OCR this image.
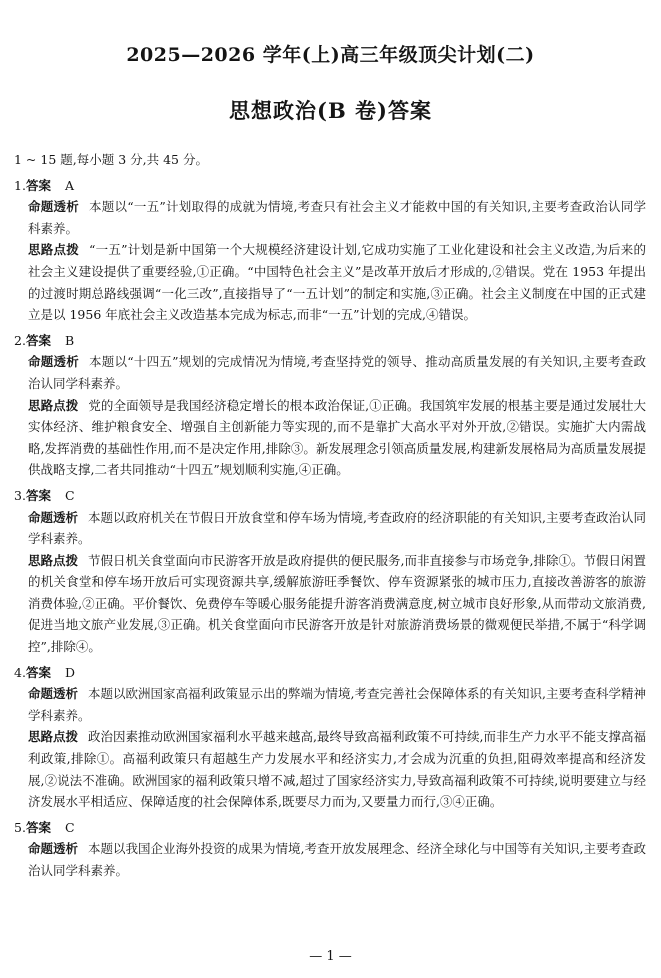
2025—2026 学年(上)高三年级顶尖计划(二)
思想政治(B 卷)答案

1 ~ 15 题,每小题 3 分,共 45 分。

1.答案 A

命题透析 本题以“一五”计划取得的成就为情境,考查只有社会主义才能救中国的有关知识,主要考查政治认同学科素养。

思路点拨 “一五”计划是新中国第一个大规模经济建设计划,它成功实施了工业化建设和社会主义改造,为后来的社会主义建设提供了重要经验,①正确。“中国特色社会主义”是改革开放后才形成的,②错误。党在 1953 年提出的过渡时期总路线强调“一化三改”,直接指导了“一五计划”的制定和实施,③正确。社会主义制度在中国的正式建立是以 1956 年底社会主义改造基本完成为标志,而非“一五”计划的完成,④错误。

2.答案 B

命题透析 本题以“十四五”规划的完成情况为情境,考查坚持党的领导、推动高质量发展的有关知识,主要考查政治认同学科素养。

思路点拨 党的全面领导是我国经济稳定增长的根本政治保证,①正确。我国筑牢发展的根基主要是通过发展壮大实体经济、维护粮食安全、增强自主创新能力等实现的,而不是靠扩大高水平对外开放,②错误。实施扩大内需战略,发挥消费的基础性作用,而不是决定作用,排除③。新发展理念引领高质量发展,构建新发展格局为高质量发展提供战略支撑,二者共同推动“十四五”规划顺利实施,④正确。

3.答案 C

命题透析 本题以政府机关在节假日开放食堂和停车场为情境,考查政府的经济职能的有关知识,主要考查政治认同学科素养。

思路点拨 节假日机关食堂面向市民游客开放是政府提供的便民服务,而非直接参与市场竞争,排除①。节假日闲置的机关食堂和停车场开放后可实现资源共享,缓解旅游旺季餐饮、停车资源紧张的城市压力,直接改善游客的旅游消费体验,②正确。平价餐饮、免费停车等暖心服务能提升游客消费满意度,树立城市良好形象,从而带动文旅消费,促进当地文旅产业发展,③正确。机关食堂面向市民游客开放是针对旅游消费场景的微观便民举措,不属于“科学调控”,排除④。

4.答案 D

命题透析 本题以欧洲国家高福利政策显示出的弊端为情境,考查完善社会保障体系的有关知识,主要考查科学精神学科素养。

思路点拨 政治因素推动欧洲国家福利水平越来越高,最终导致高福利政策不可持续,而非生产力水平不能支撑高福利政策,排除①。高福利政策只有超越生产力发展水平和经济实力,才会成为沉重的负担,阻碍效率提高和经济发展,②说法不准确。欧洲国家的福利政策只增不减,超过了国家经济实力,导致高福利政策不可持续,说明要建立与经济发展水平相适应、保障适度的社会保障体系,既要尽力而为,又要量力而行,③④正确。

5.答案 C

命题透析 本题以我国企业海外投资的成果为情境,考查开放发展理念、经济全球化与中国等有关知识,主要考查政治认同学科素养。

— 1 —
